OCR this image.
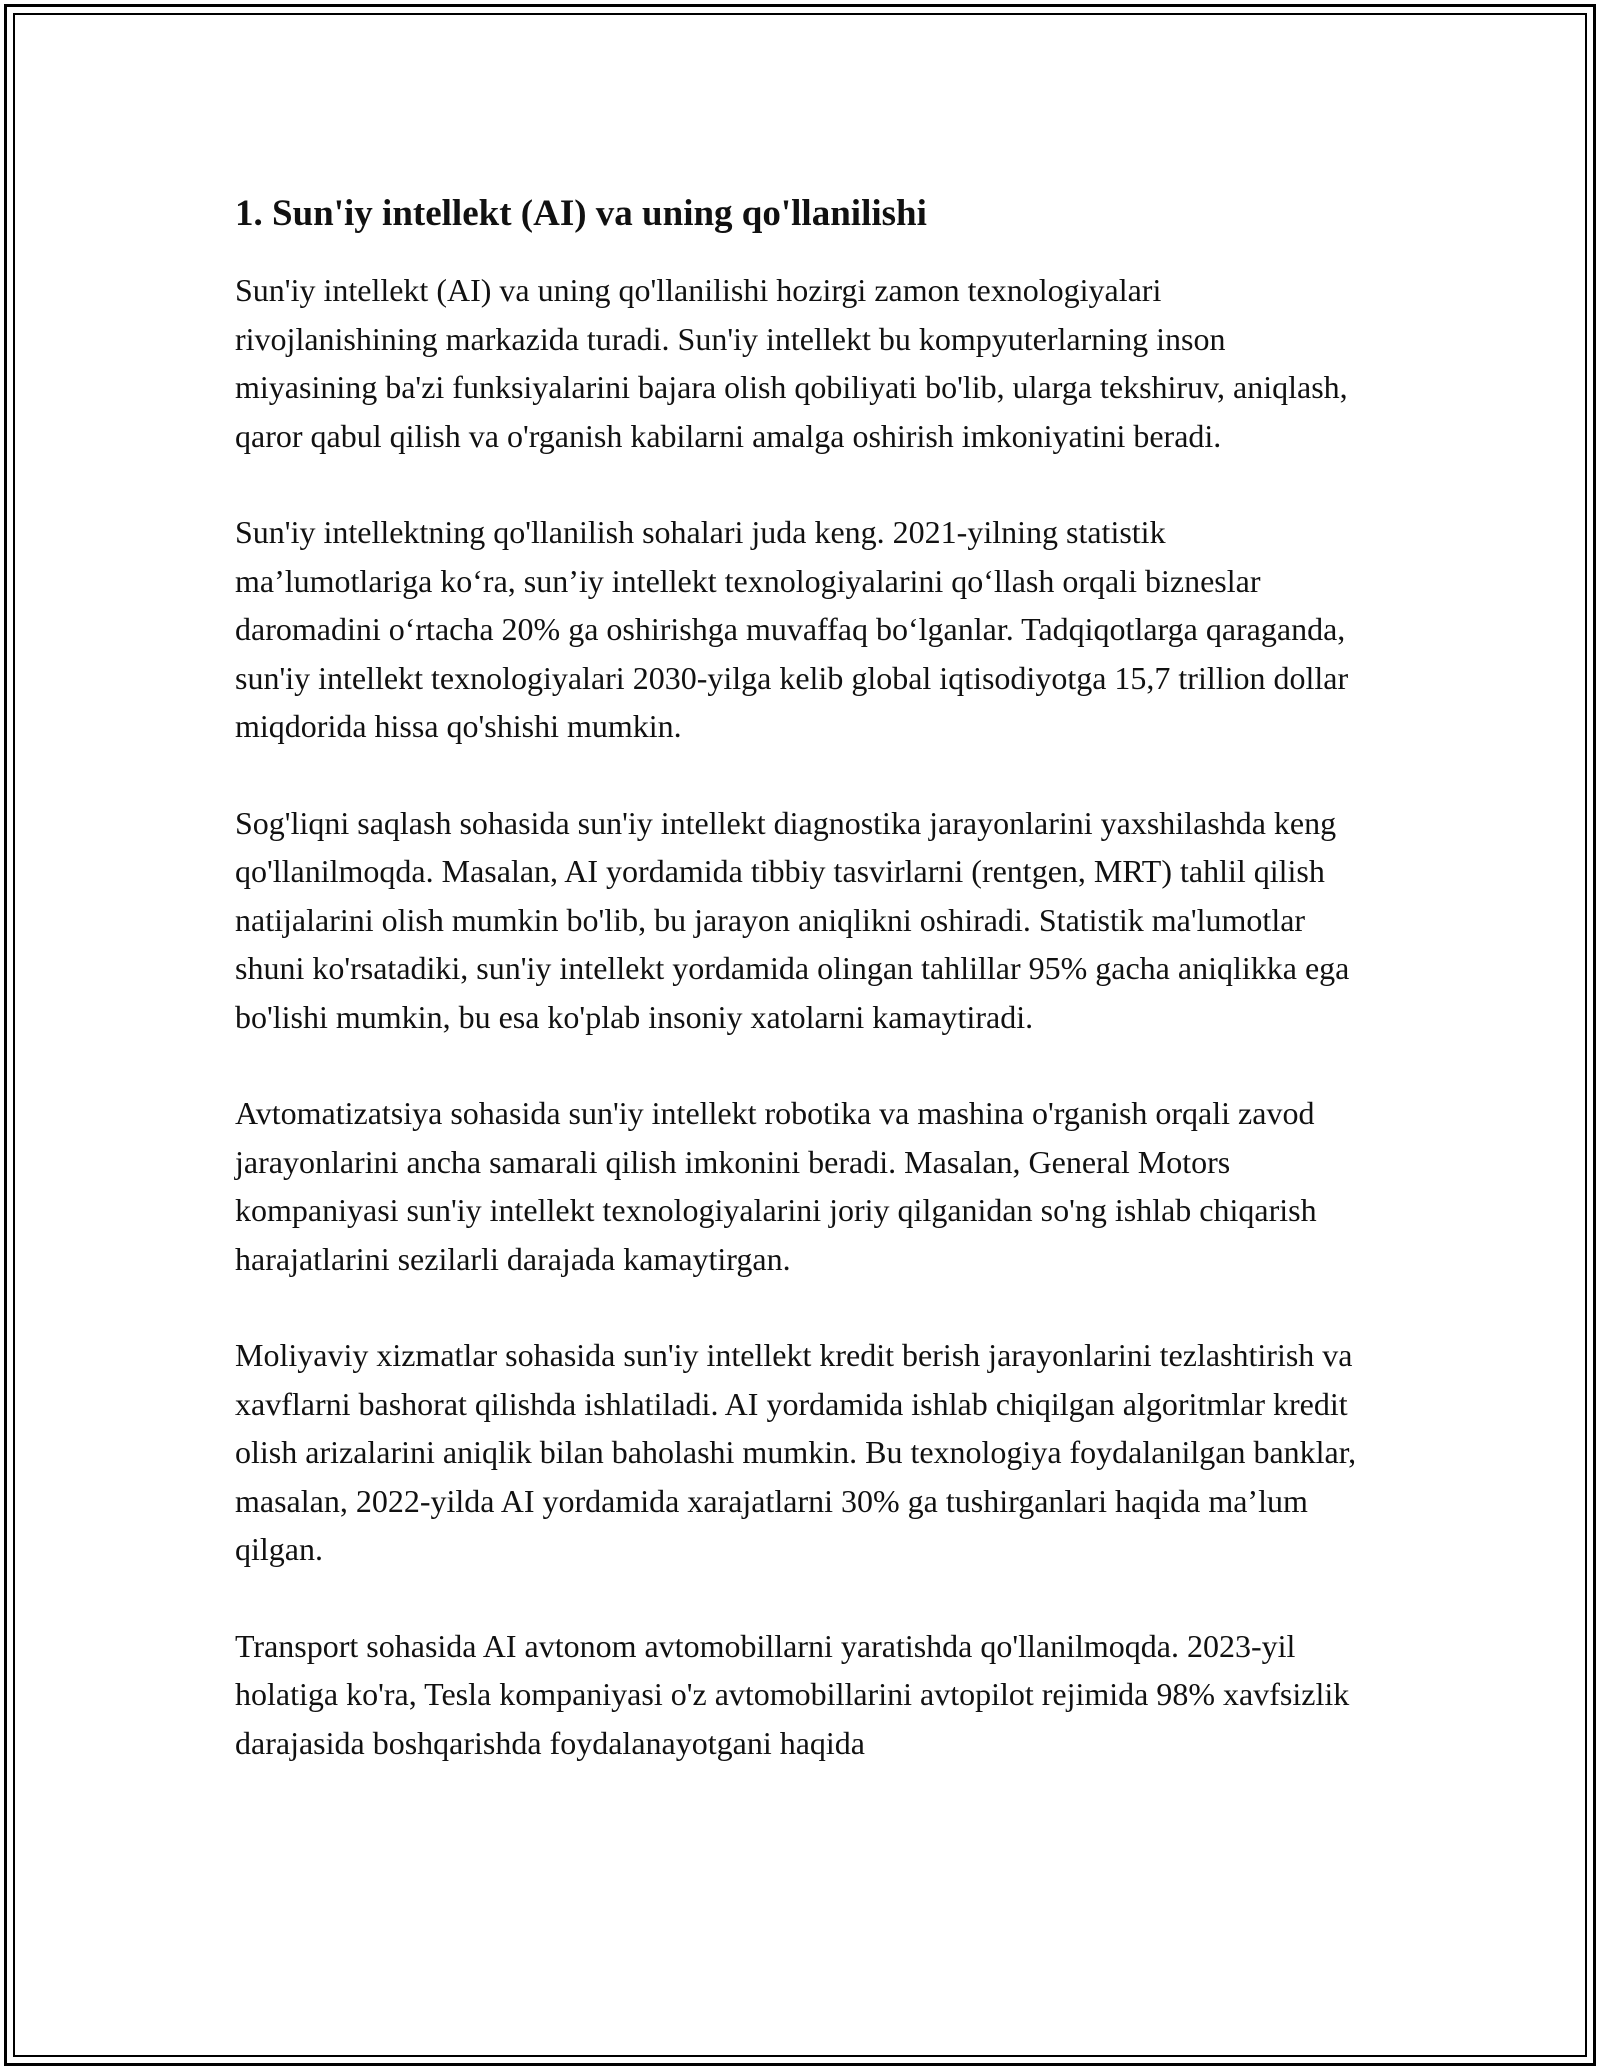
1. Sun'iy intellekt (AI) va uning qo'llanilishi

Sun'iy intellekt (AI) va uning qo'llanilishi hozirgi zamon texnologiyalari rivojlanishining markazida turadi. Sun'iy intellekt bu kompyuterlarning inson miyasining ba'zi funksiyalarini bajara olish qobiliyati bo'lib, ularga tekshiruv, aniqlash, qaror qabul qilish va o'rganish kabilarni amalga oshirish imkoniyatini beradi.

Sun'iy intellektning qo'llanilish sohalari juda keng. 2021-yilning statistik ma’lumotlariga ko‘ra, sun’iy intellekt texnologiyalarini qo‘llash orqali bizneslar daromadini o‘rtacha 20% ga oshirishga muvaffaq bo‘lganlar. Tadqiqotlarga qaraganda, sun'iy intellekt texnologiyalari 2030-yilga kelib global iqtisodiyotga 15,7 trillion dollar miqdorida hissa qo'shishi mumkin.

Sog'liqni saqlash sohasida sun'iy intellekt diagnostika jarayonlarini yaxshilashda keng qo'llanilmoqda. Masalan, AI yordamida tibbiy tasvirlarni (rentgen, MRT) tahlil qilish natijalarini olish mumkin bo'lib, bu jarayon aniqlikni oshiradi. Statistik ma'lumotlar shuni ko'rsatadiki, sun'iy intellekt yordamida olingan tahlillar 95% gacha aniqlikka ega bo'lishi mumkin, bu esa ko'plab insoniy xatolarni kamaytiradi.

Avtomatizatsiya sohasida sun'iy intellekt robotika va mashina o'rganish orqali zavod jarayonlarini ancha samarali qilish imkonini beradi. Masalan, General Motors kompaniyasi sun'iy intellekt texnologiyalarini joriy qilganidan so'ng ishlab chiqarish harajatlarini sezilarli darajada kamaytirgan.

Moliyaviy xizmatlar sohasida sun'iy intellekt kredit berish jarayonlarini tezlashtirish va xavflarni bashorat qilishda ishlatiladi. AI yordamida ishlab chiqilgan algoritmlar kredit olish arizalarini aniqlik bilan baholashi mumkin. Bu texnologiya foydalanilgan banklar, masalan, 2022-yilda AI yordamida xarajatlarni 30% ga tushirganlari haqida ma’lum qilgan.

Transport sohasida AI avtonom avtomobillarni yaratishda qo'llanilmoqda. 2023-yil holatiga ko'ra, Tesla kompaniyasi o'z avtomobillarini avtopilot rejimida 98% xavfsizlik darajasida boshqarishda foydalanayotgani haqida
